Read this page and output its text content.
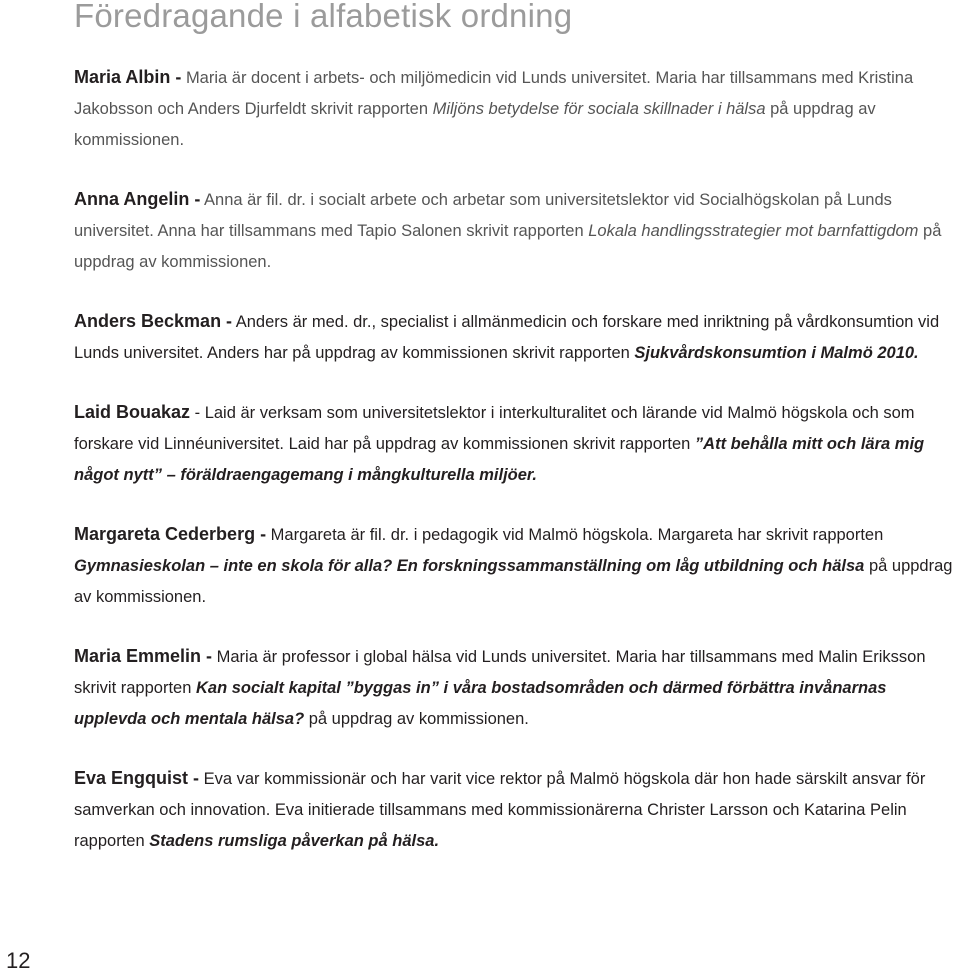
Föredragande i alfabetisk ordning

Maria Albin - Maria är docent i arbets- och miljömedicin vid Lunds universitet. Maria har tillsammans med Kristina Jakobsson och Anders Djurfeldt skrivit rapporten Miljöns betydelse för sociala skillnader i hälsa på uppdrag av kommissionen.

Anna Angelin - Anna är fil. dr. i socialt arbete och arbetar som universitetslektor vid Socialhögskolan på Lunds universitet. Anna har tillsammans med Tapio Salonen skrivit rapporten Lokala handlingsstrategier mot barnfattigdom på uppdrag av kommissionen.

Anders Beckman - Anders är med. dr., specialist i allmänmedicin och forskare med inriktning på vårdkonsumtion vid Lunds universitet. Anders har på uppdrag av kommissionen skrivit rapporten Sjukvårdskonsumtion i Malmö 2010.

Laid Bouakaz - Laid är verksam som universitetslektor i interkulturalitet och lärande vid Malmö högskola och som forskare vid Linnéuniversitet. Laid har på uppdrag av kommissionen skrivit rapporten ”Att behålla mitt och lära mig något nytt” – föräldraengagemang i mångkulturella miljöer.

Margareta Cederberg - Margareta är fil. dr. i pedagogik vid Malmö högskola. Margareta har skrivit rapporten Gymnasieskolan – inte en skola för alla? En forskningssammanställning om låg utbildning och hälsa på uppdrag av kommissionen.

Maria Emmelin - Maria är professor i global hälsa vid Lunds universitet. Maria har tillsammans med Malin Eriksson skrivit rapporten Kan socialt kapital ”byggas in” i våra bostadsområden och därmed förbättra invånarnas upplevda och mentala hälsa? på uppdrag av kommissionen.

Eva Engquist - Eva var kommissionär och har varit vice rektor på Malmö högskola där hon hade särskilt ansvar för samverkan och innovation. Eva initierade tillsammans med kommissionärerna Christer Larsson och Katarina Pelin rapporten Stadens rumsliga påverkan på hälsa.

12
